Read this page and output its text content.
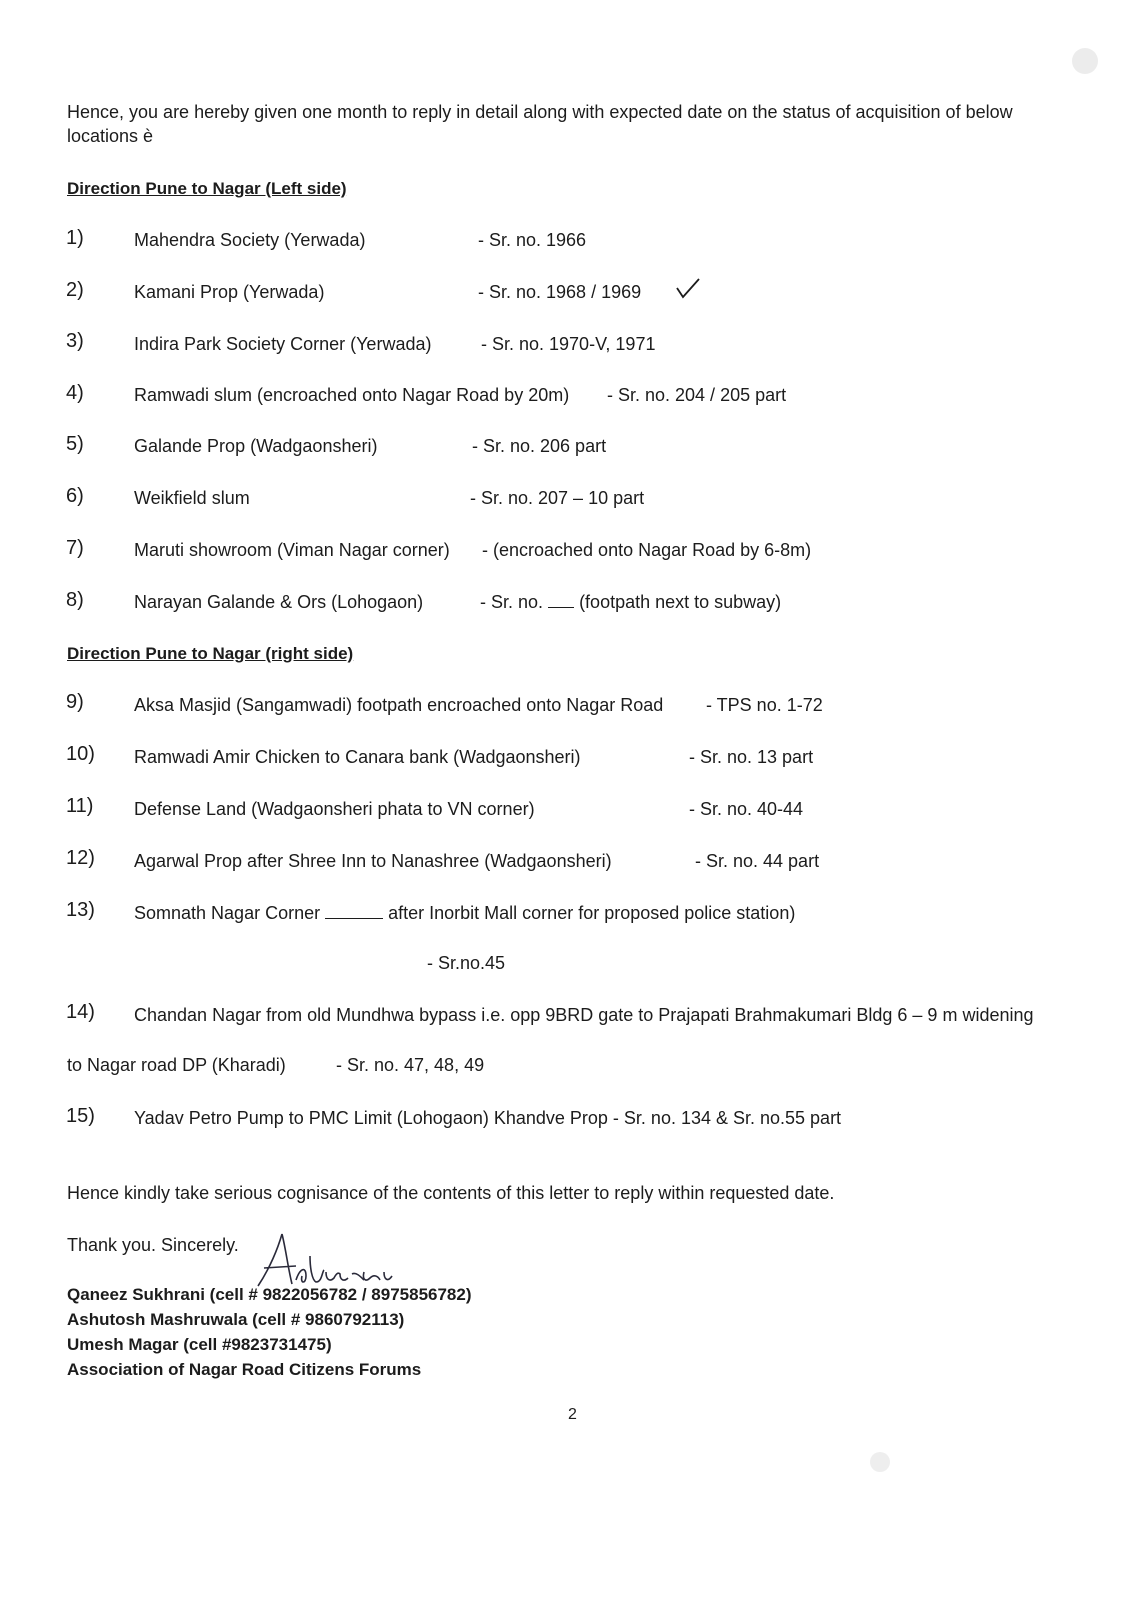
Hence, you are hereby given one month to reply in detail along with expected date on the status of acquisition of below
locations è
Direction Pune to Nagar (Left side)
1)	Mahendra Society (Yerwada)	- Sr. no. 1966
2)	Kamani Prop (Yerwada)	- Sr. no. 1968 / 1969
3)	Indira Park Society Corner (Yerwada)	- Sr. no. 1970-V, 1971
4)	Ramwadi slum (encroached onto Nagar Road by 20m) - Sr. no. 204 / 205 part
5)	Galande Prop (Wadgaonsheri)	- Sr. no. 206 part
6)	Weikfield slum	- Sr. no. 207 – 10 part
7)	Maruti showroom (Viman Nagar corner) - (encroached onto Nagar Road by 6-8m)
8)	Narayan Galande & Ors (Lohogaon)	- Sr. no. (footpath next to subway)
Direction Pune to Nagar (right side)
9)	Aksa Masjid (Sangamwadi) footpath encroached onto Nagar Road - TPS no. 1-72
10) Ramwadi Amir Chicken to Canara bank (Wadgaonsheri)	- Sr. no. 13 part
11) Defense Land (Wadgaonsheri phata to VN corner)	- Sr. no. 40-44
12) Agarwal Prop after Shree Inn to Nanashree (Wadgaonsheri)	- Sr. no. 44 part
13) Somnath Nagar Corner	after Inorbit Mall corner for proposed police station)
- Sr.no.45
14) Chandan Nagar from old Mundhwa bypass i.e. opp 9BRD gate to Prajapati Brahmakumari Bldg 6 – 9 m widening
to Nagar road DP (Kharadi)	- Sr. no. 47, 48, 49
15) Yadav Petro Pump to PMC Limit (Lohogaon) Khandve Prop - Sr. no. 134 & Sr. no.55 part
Hence kindly take serious cognisance of the contents of this letter to reply within requested date.
Thank you. Sincerely.
Qaneez Sukhrani (cell # 9822056782 / 8975856782)
Ashutosh Mashruwala (cell # 9860792113)
Umesh Magar (cell #9823731475)
Association of Nagar Road Citizens Forums
2
